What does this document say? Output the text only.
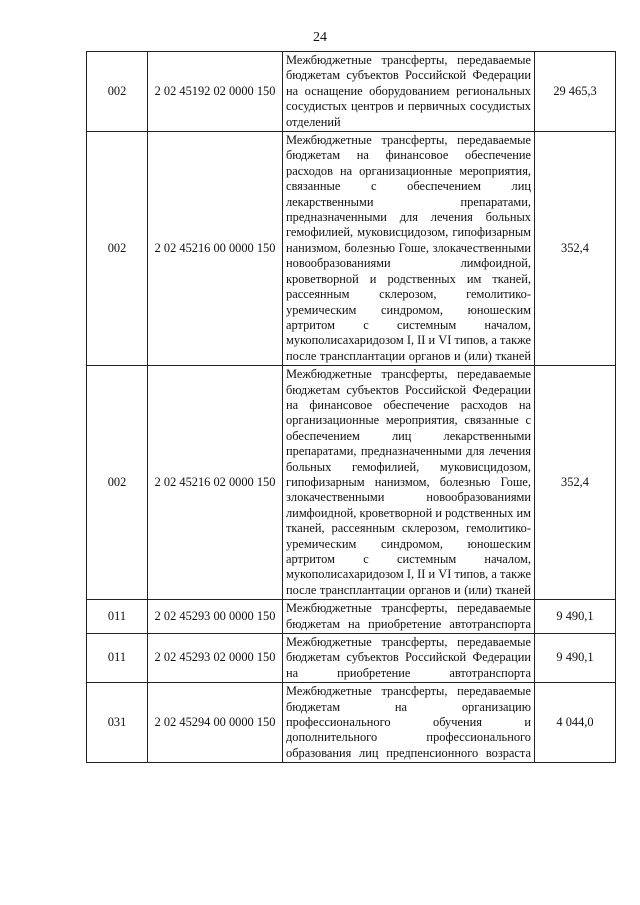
24
002	2 02 45192 02 0000 150	Межбюджетные трансферты, передаваемые бюджетам субъектов Российской Федерации на оснащение оборудованием региональных сосудистых центров и первичных сосудистых отделений	29 465,3
002	2 02 45216 00 0000 150	Межбюджетные трансферты, передаваемые бюджетам на финансовое обеспечение расходов на организационные мероприятия, связанные с обеспечением лиц лекарственными препаратами, предназначенными для лечения больных гемофилией, муковисцидозом, гипофизарным нанизмом, болезнью Гоше, злокачественными новообразованиями лимфоидной, кроветворной и родственных им тканей, рассеянным склерозом, гемолитико-уремическим синдромом, юношеским артритом с системным началом, мукополисахаридозом I, II и VI типов, а также после трансплантации органов и (или) тканей	352,4
002	2 02 45216 02 0000 150	Межбюджетные трансферты, передаваемые бюджетам субъектов Российской Федерации на финансовое обеспечение расходов на организационные мероприятия, связанные с обеспечением лиц лекарственными препаратами, предназначенными для лечения больных гемофилией, муковисцидозом, гипофизарным нанизмом, болезнью Гоше, злокачественными новообразованиями лимфоидной, кроветворной и родственных им тканей, рассеянным склерозом, гемолитико-уремическим синдромом, юношеским артритом с системным началом, мукополисахаридозом I, II и VI типов, а также после трансплантации органов и (или) тканей	352,4
011	2 02 45293 00 0000 150	Межбюджетные трансферты, передаваемые бюджетам на приобретение автотранспорта	9 490,1
011	2 02 45293 02 0000 150	Межбюджетные трансферты, передаваемые бюджетам субъектов Российской Федерации на приобретение автотранспорта	9 490,1
031	2 02 45294 00 0000 150	Межбюджетные трансферты, передаваемые бюджетам на организацию профессионального обучения и дополнительного профессионального образования лиц предпенсионного возраста	4 044,0
